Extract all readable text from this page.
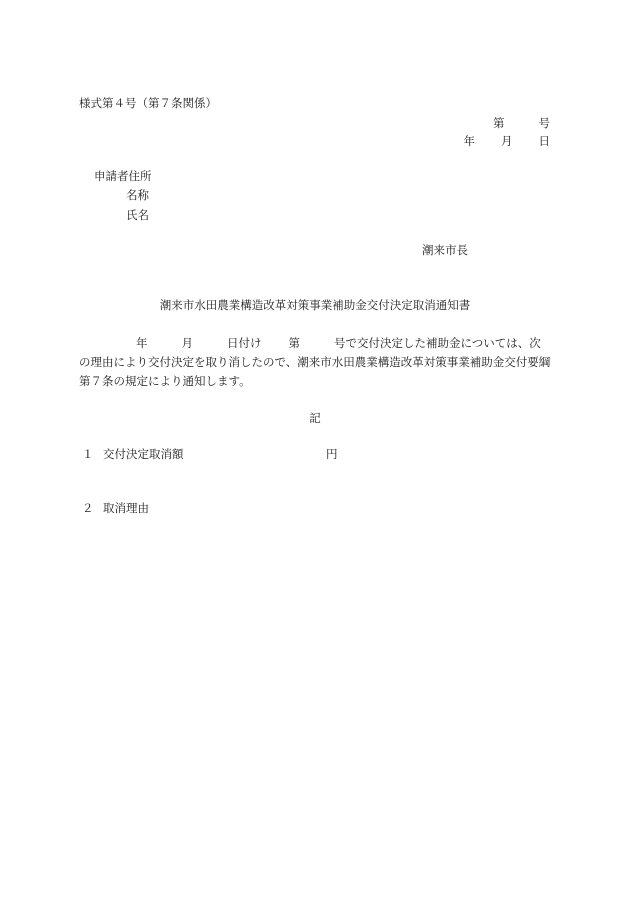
様式第４号（第７条関係）
第	号
年 月 日
申請者住所
名称
氏名
潮来市長
潮来市水田農業構造改革対策事業補助金交付決定取消通知書
年	月	日付け 第	号で交付決定した補助金については、次
の理由により交付決定を取り消したので、潮来市水田農業構造改革対策事業補助金交付要綱
第７条の規定により通知します。
記
１ 交付決定取消額	円
２ 取消理由
